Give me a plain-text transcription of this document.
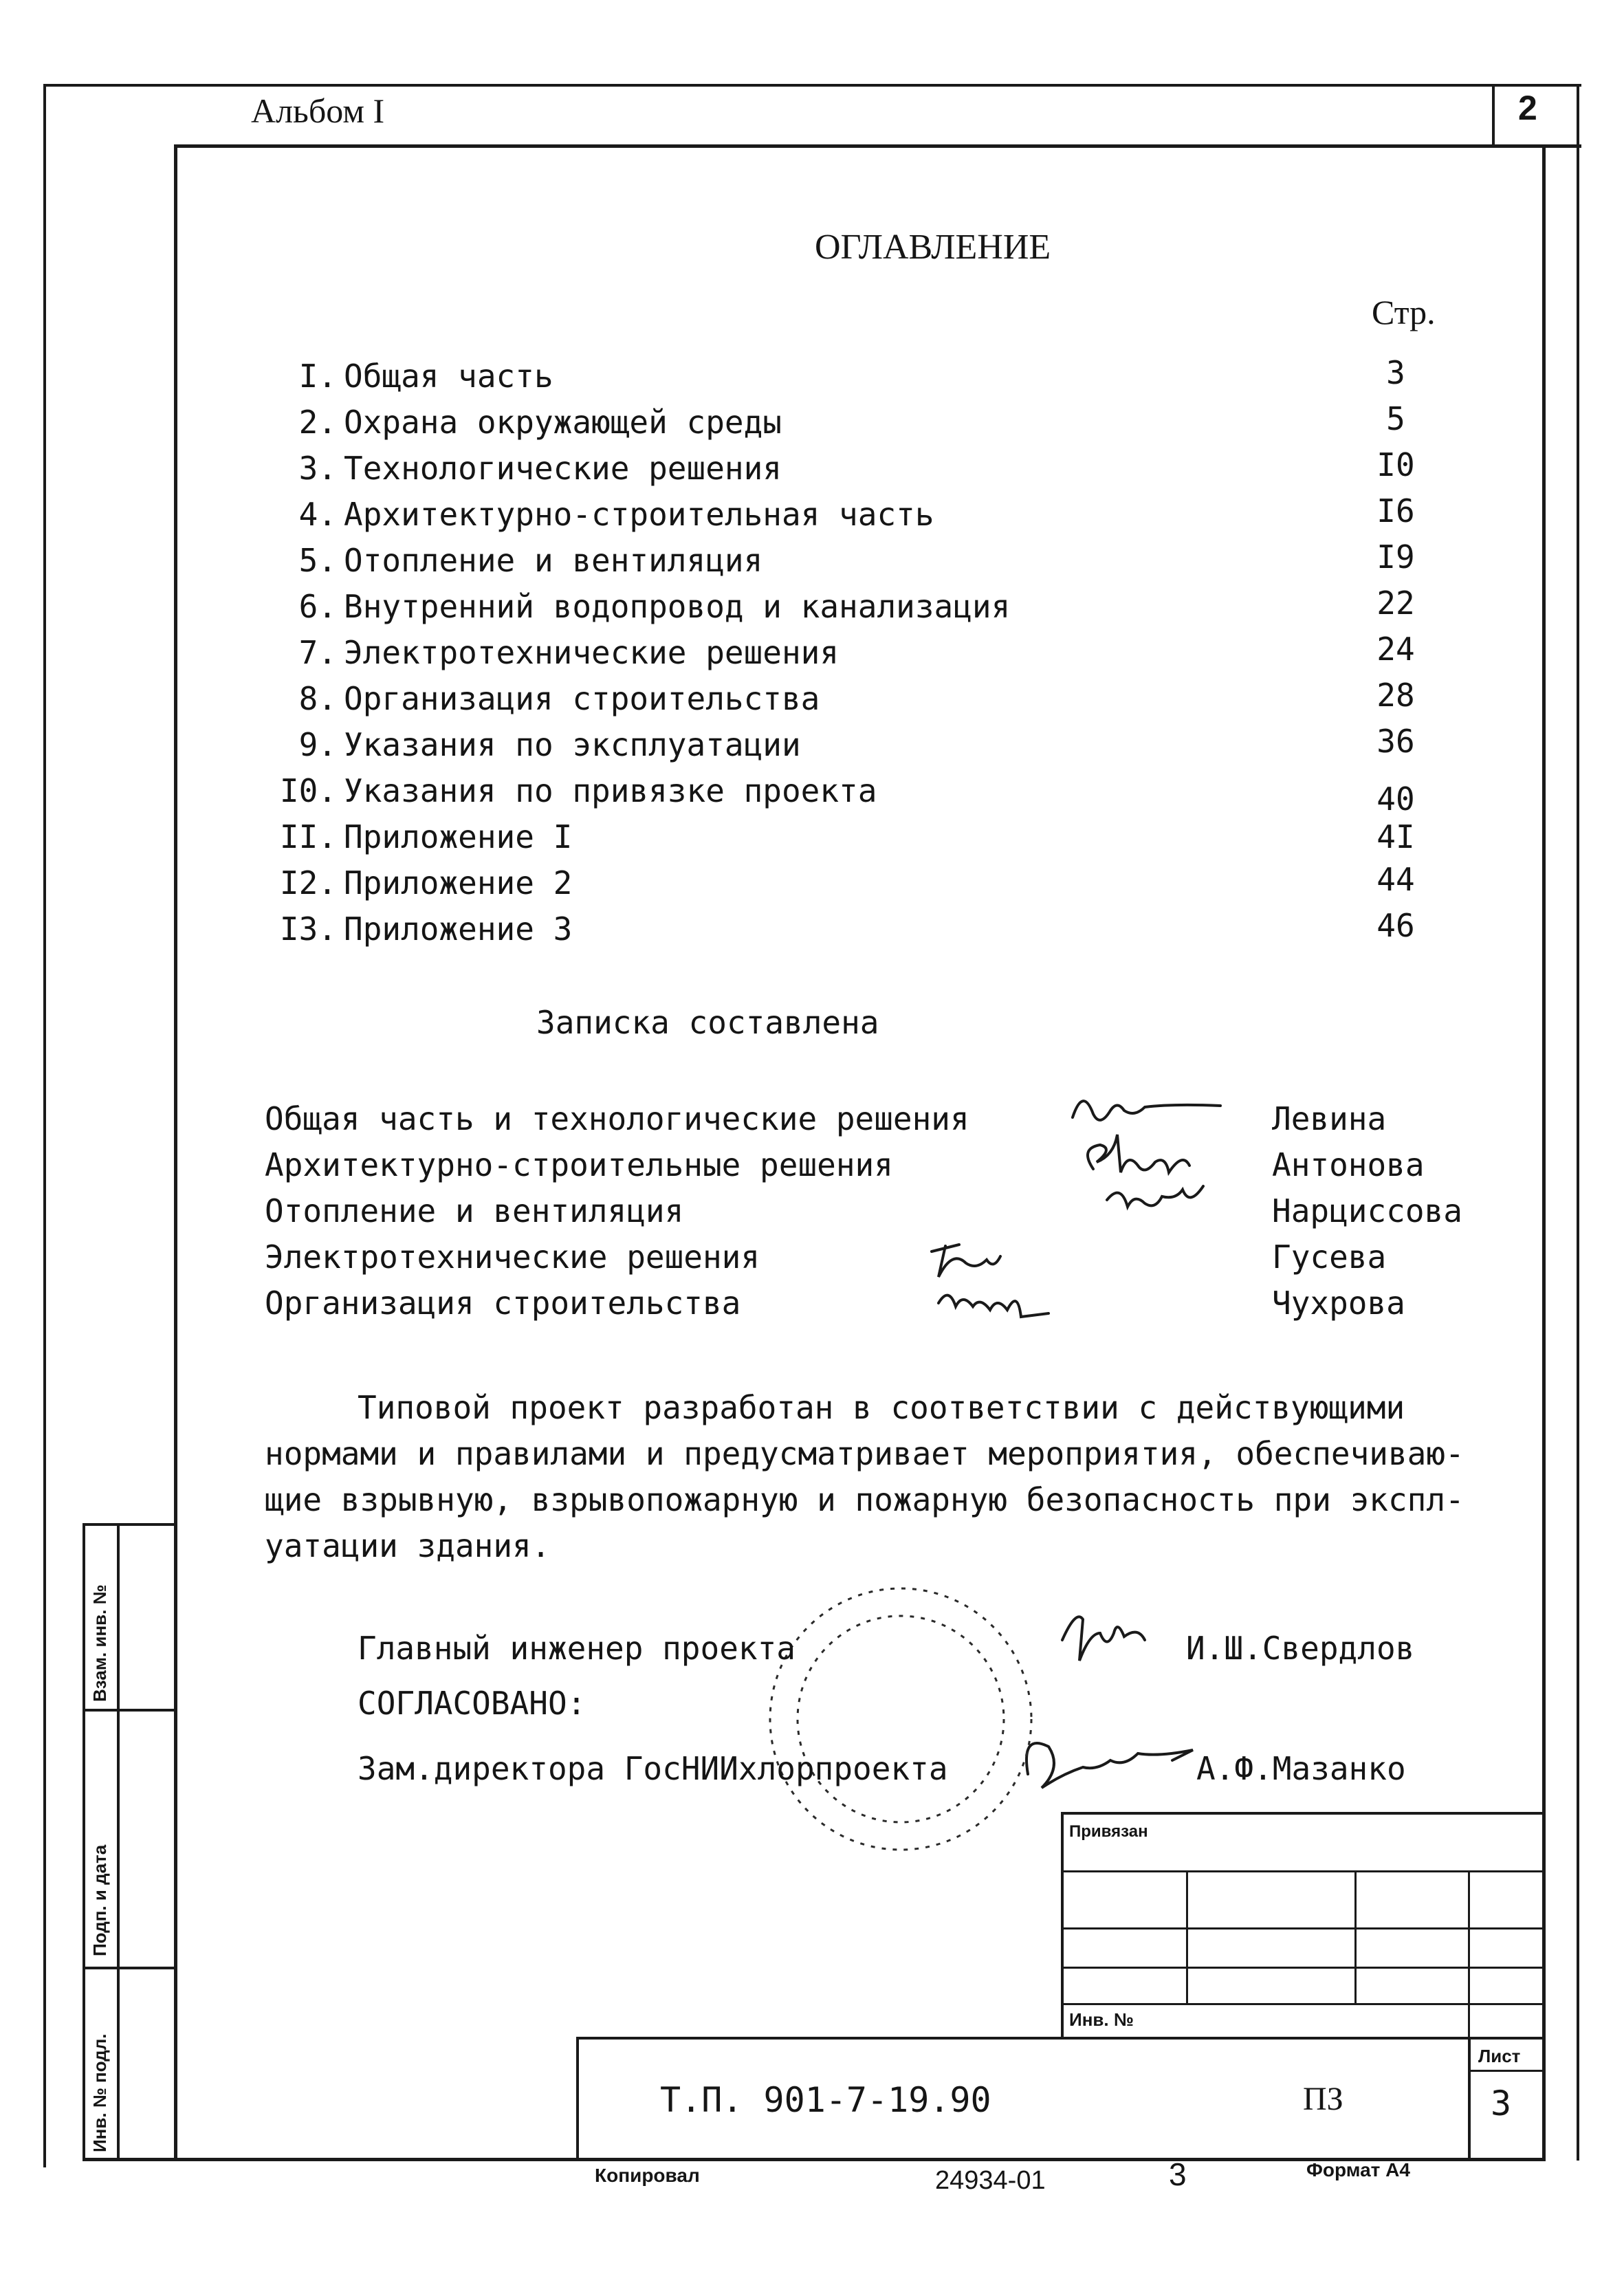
Альбом I	2
ОГЛАВЛЕНИЕ
Стр.
I. Общая часть	3
2. Охрана окружающей среды	5
3. Технологические решения	I0
4. Архитектурно-строительная часть	I6
5. Отопление и вентиляция	I9
6. Внутренний водопровод и канализация	22
7. Электротехнические решения	24
8. Организация строительства	28
9. Указания по эксплуатации	36
I0. Указания по привязке проекта	40
II. Приложение I	4I
I2. Приложение 2	44
I3. Приложение 3	46
Записка составлена
Общая часть и технологические решения	Левина
Архитектурно-строительные решения	Антонова
Отопление и вентиляция	Нарциссова
Электротехнические решения	Гусева
Организация строительства	Чухрова
Типовой проект разработан в соответствии с действующими
нормами и правилами и предусматривает мероприятия, обеспечиваю-
щие взрывную, взрывопожарную и пожарную безопасность при экспл-
уатации здания.
Главный инженер проекта	И.Ш.Свердлов
СОГЛАСОВАНО:
Зам.директора ГосНИИхлорпроекта	А.Ф.Мазанко
Взам. инв. №
Подп. и дата
Инв. № подл.
Привязан
Инв. №
Лист
Т.П. 901-7-19.90	ПЗ	3
Копировал	24934-01	3	Формат А4
